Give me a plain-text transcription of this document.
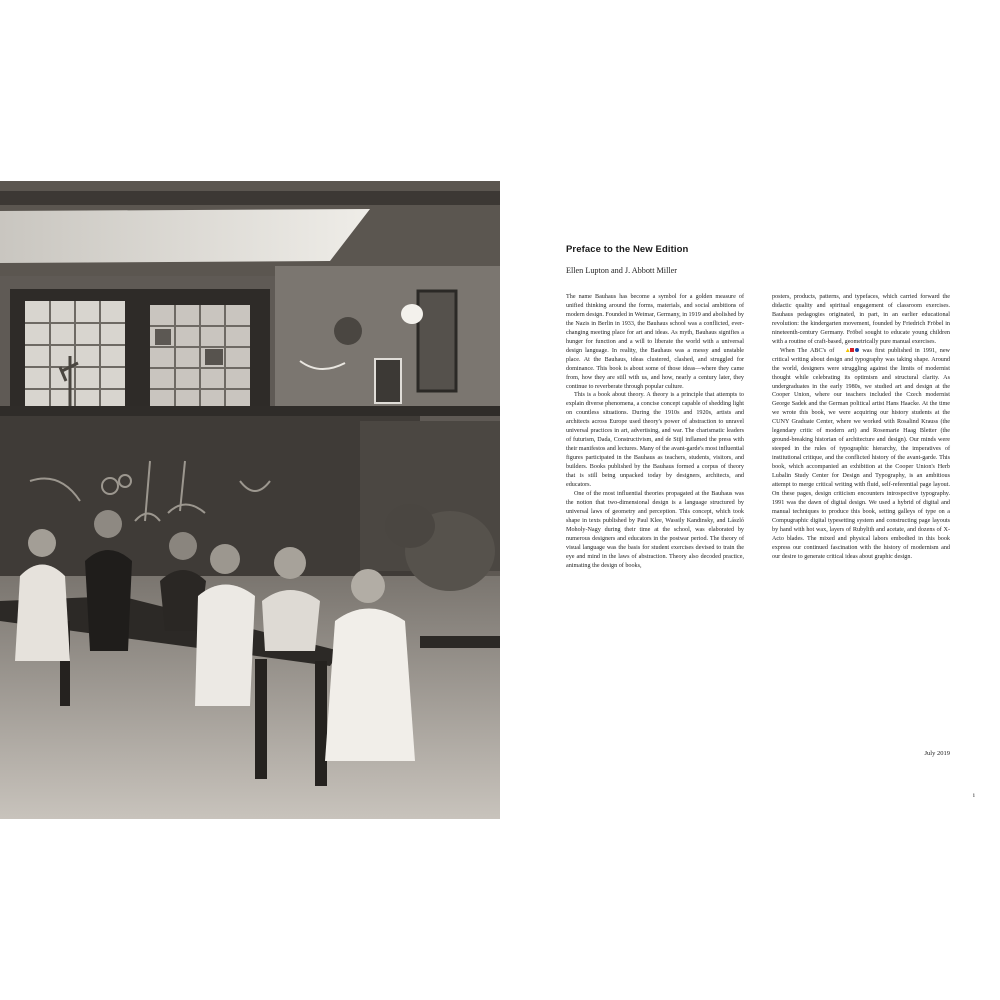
Preface to the New Edition
Ellen Lupton and J. Abbott Miller

The name Bauhaus has become a symbol for a golden measure of unified thinking around the forms, materials, and social ambitions of modern design. Founded in Weimar, Germany, in 1919 and abolished by the Nazis in Berlin in 1933, the Bauhaus school was a conflicted, ever-changing meeting place for art and ideas. As myth, Bauhaus signifies a hunger for function and a will to liberate the world with a universal design language. In reality, the Bauhaus was a messy and unstable place. At the Bauhaus, ideas clustered, clashed, and struggled for dominance. This book is about some of those ideas—where they came from, how they are still with us, and how, nearly a century later, they continue to reverberate through popular culture.

This is a book about theory. A theory is a principle that attempts to explain diverse phenomena, a concise concept capable of shedding light on countless situations. During the 1910s and 1920s, artists and architects across Europe used theory's power of abstraction to unravel universal practices in art, advertising, and war. The charismatic leaders of futurism, Dada, Constructivism, and de Stijl inflamed the press with their manifestos and lectures. Many of the avant-garde's most influential figures participated in the Bauhaus as teachers, students, visitors, and builders. Books published by the Bauhaus formed a corpus of theory that is still being unpacked today by designers, architects, and educators.

One of the most influential theories propagated at the Bauhaus was the notion that two-dimensional design is a language structured by universal laws of geometry and perception. This concept, which took shape in texts published by Paul Klee, Wassily Kandinsky, and László Moholy-Nagy during their time at the school, was elaborated by numerous designers and educators in the postwar period. The theory of visual language was the basis for student exercises devised to train the eye and mind in the laws of abstraction. Theory also decoded practice, animating the design of books,

posters, products, patterns, and typefaces, which carried forward the didactic quality and spiritual engagement of classroom exercises. Bauhaus pedagogies originated, in part, in an earlier educational revolution: the kindergarten movement, founded by Friedrich Fröbel in nineteenth-century Germany. Fröbel sought to educate young children with a routine of craft-based, geometrically pure manual exercises.

When The ABC's of	was first published in 1991, new critical writing about design and typography was taking shape. Around the world, designers were struggling against the limits of modernist thought while celebrating its optimism and structural clarity. As undergraduates in the early 1980s, we studied art and design at the Cooper Union, where our teachers included the Czech modernist George Sadek and the German political artist Hans Haacke. At the time we wrote this book, we were acquiring our history students at the CUNY Graduate Center, where we worked with Rosalind Krauss (the legendary critic of modern art) and Rosemarie Haag Bletter (the ground-breaking historian of architecture and design). Our minds were steeped in the rules of typographic hierarchy, the imperatives of institutional critique, and the conflicted history of the avant-garde. This book, which accompanied an exhibition at the Cooper Union's Herb Lubalin Study Center for Design and Typography, is an ambitious attempt to merge critical writing with fluid, self-referential page layout. On these pages, design criticism encounters introspective typography. 1991 was the dawn of digital design. We used a hybrid of digital and manual techniques to produce this book, setting galleys of type on a Compugraphic digital typesetting system and constructing page layouts by hand with hot wax, layers of Rubylith and acetate, and dozens of X-Acto blades. The mixed and physical labors embodied in this book express our continued fascination with the history of modernism and our desire to generate critical ideas about graphic design.

July 2019
i
